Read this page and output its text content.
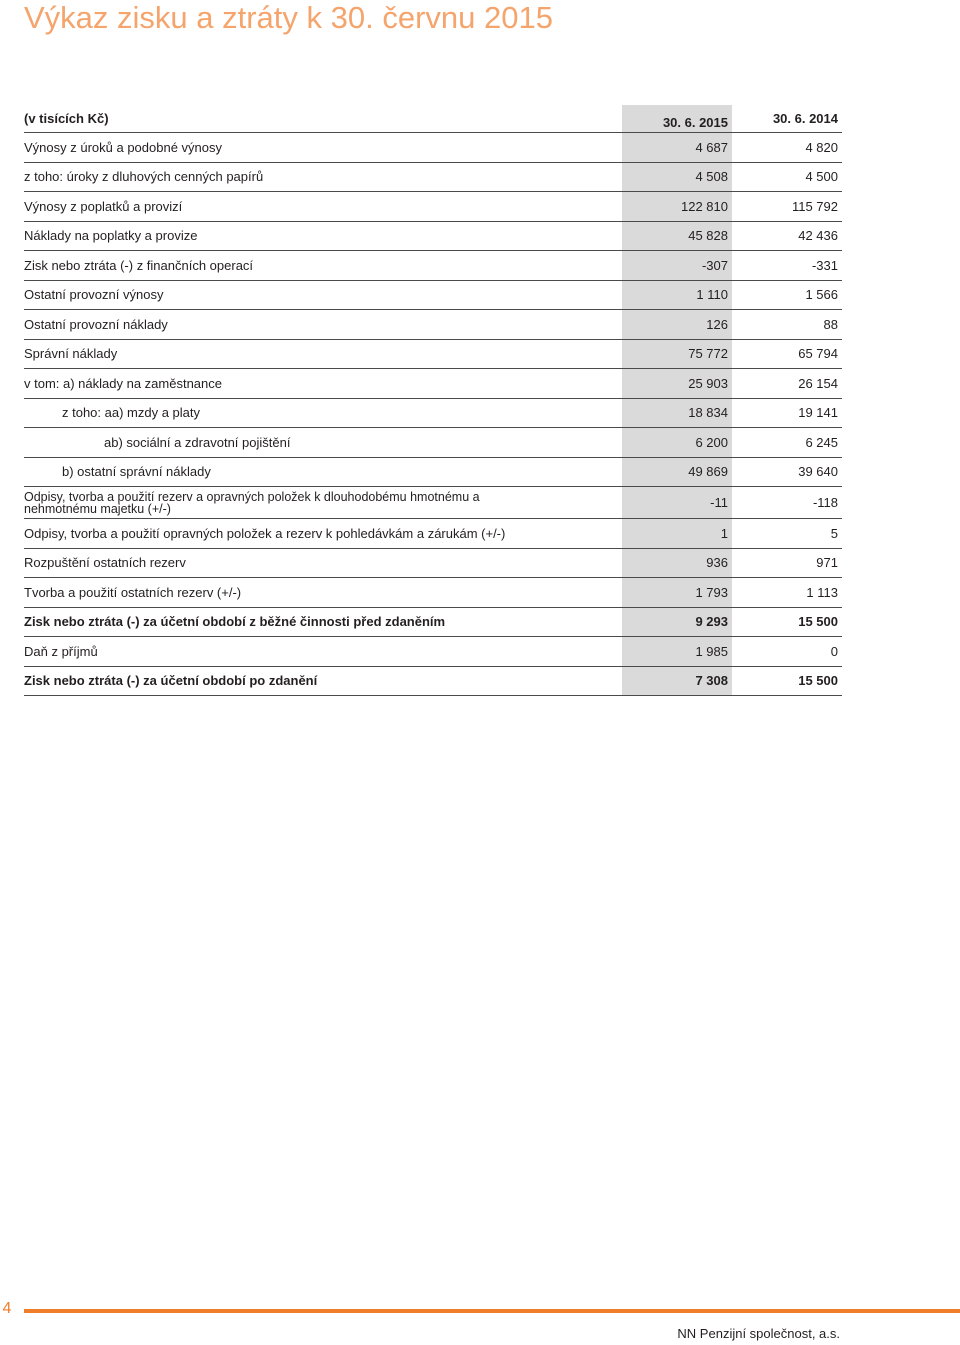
Výkaz zisku a ztráty k 30. červnu 2015
(v tisících Kč)	30. 6. 2015	30. 6. 2014
Výnosy z úroků a podobné výnosy	4 687	4 820
z toho: úroky z dluhových cenných papírů	4 508	4 500
Výnosy z poplatků a provizí	122 810	115 792
Náklady na poplatky a provize	45 828	42 436
Zisk nebo ztráta (-) z finančních operací	-307	-331
Ostatní provozní výnosy	1 110	1 566
Ostatní provozní náklady	126	88
Správní náklady	75 772	65 794
v tom: a) náklady na zaměstnance	25 903	26 154
z toho: aa) mzdy a platy	18 834	19 141
ab) sociální a zdravotní pojištění	6 200	6 245
b) ostatní správní náklady	49 869	39 640
Odpisy, tvorba a použití rezerv a opravných položek k dlouhodobému hmotnému a nehmotnému majetku (+/-)	-11	-118
Odpisy, tvorba a použití opravných položek a rezerv k pohledávkám a zárukám (+/-)	1	5
Rozpuštění ostatních rezerv	936	971
Tvorba a použití ostatních rezerv (+/-)	1 793	1 113
Zisk nebo ztráta (-) za účetní období z běžné činnosti před zdaněním	9 293	15 500
Daň z příjmů	1 985	0
Zisk nebo ztráta (-) za účetní období po zdanění	7 308	15 500
4
NN Penzijní společnost, a.s.
